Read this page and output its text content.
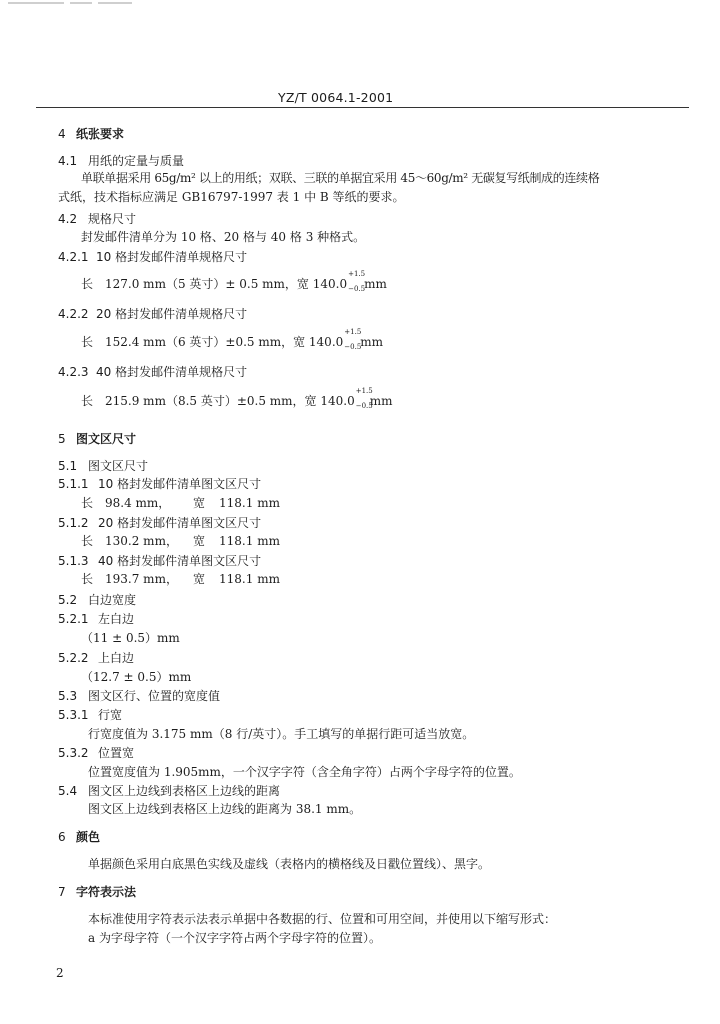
YZ/T 0064.1-2001
4 纸张要求
4.1 用纸的定量与质量
单联单据采用 65g/m² 以上的用纸；双联、三联的单据宜采用 45～60g/m² 无碳复写纸制成的连续格
式纸，技术指标应满足 GB16797-1997 表 1 中 B 等纸的要求。
4.2 规格尺寸
封发邮件清单分为 10 格、20 格与 40 格 3 种格式。
4.2.1 10 格封发邮件清单规格尺寸
长 127.0 mm（5 英寸）± 0.5 mm，宽 140.0
+1.5
−0.5 mm
4.2.2 20 格封发邮件清单规格尺寸
长 152.4 mm（6 英寸）±0.5 mm，宽 140.0
+1.5
−0.5 mm
4.2.3 40 格封发邮件清单规格尺寸
长 215.9 mm（8.5 英寸）±0.5 mm，宽 140.0
+1.5
−0.5
mm
5 图文区尺寸
5.1 图文区尺寸
5.1.1 10 格封发邮件清单图文区尺寸
长 98.4 mm， 宽 118.1 mm
5.1.2 20 格封发邮件清单图文区尺寸
长 130.2 mm， 宽 118.1 mm
5.1.3 40 格封发邮件清单图文区尺寸
长 193.7 mm， 宽 118.1 mm
5.2 白边宽度
5.2.1 左白边
（11 ± 0.5）mm
5.2.2 上白边
（12.7 ± 0.5）mm
5.3 图文区行、位置的宽度值
5.3.1 行宽
行宽度值为 3.175 mm（8 行/英寸）。手工填写的单据行距可适当放宽。
5.3.2 位置宽
位置宽度值为 1.905mm，一个汉字字符（含全角字符）占两个字母字符的位置。
5.4 图文区上边线到表格区上边线的距离
图文区上边线到表格区上边线的距离为 38.1 mm。
6 颜色
单据颜色采用白底黑色实线及虚线（表格内的横格线及日戳位置线）、黑字。
7 字符表示法
本标准使用字符表示法表示单据中各数据的行、位置和可用空间，并使用以下缩写形式：
a 为字母字符（一个汉字字符占两个字母字符的位置）。
2
